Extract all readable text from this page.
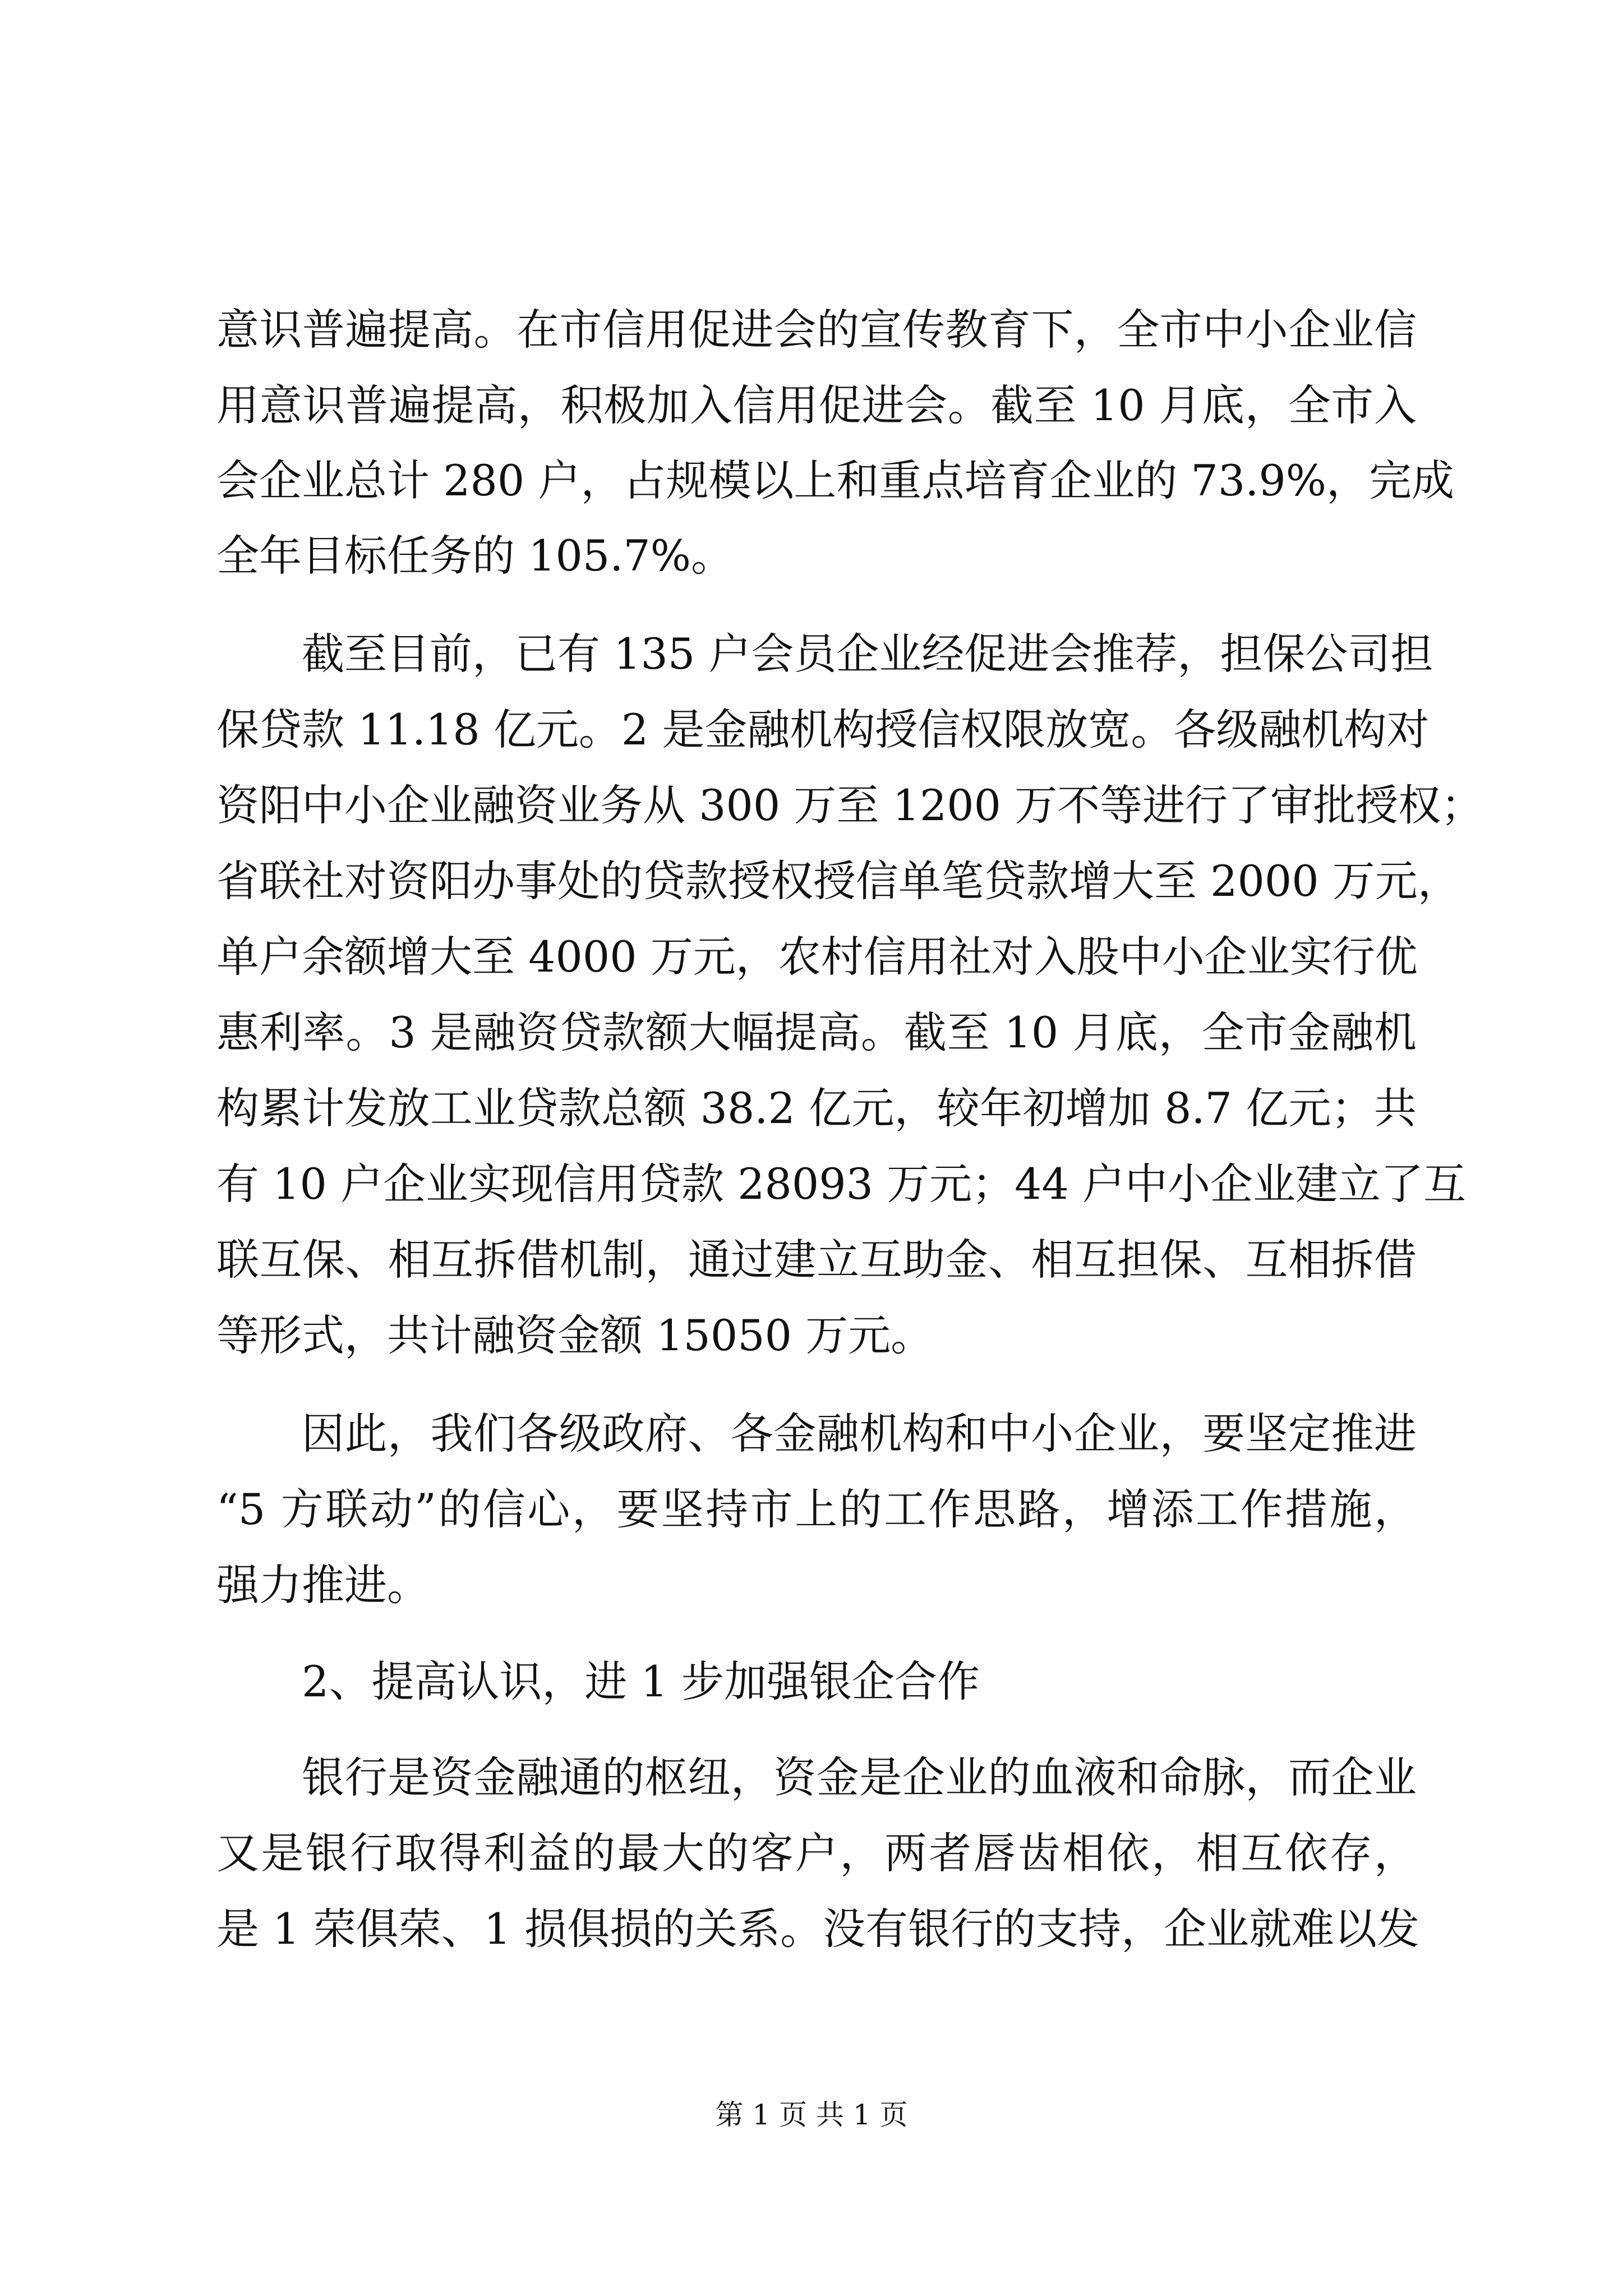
意识普遍提高。在市信用促进会的宣传教育下，全市中小企业信

用意识普遍提高，积极加入信用促进会。截至 10 月底，全市入

会企业总计 280 户，占规模以上和重点培育企业的 73.9%，完成

全年目标任务的 105.7%。

截至目前，已有 135 户会员企业经促进会推荐，担保公司担

保贷款 11.18 亿元。2 是金融机构授信权限放宽。各级融机构对

资阳中小企业融资业务从 300 万至 1200 万不等进行了审批授权；

省联社对资阳办事处的贷款授权授信单笔贷款增大至 2000 万元，

单户余额增大至 4000 万元，农村信用社对入股中小企业实行优

惠利率。3 是融资贷款额大幅提高。截至 10 月底，全市金融机

构累计发放工业贷款总额 38.2 亿元，较年初增加 8.7 亿元；共

有 10 户企业实现信用贷款 28093 万元；44 户中小企业建立了互

联互保、相互拆借机制，通过建立互助金、相互担保、互相拆借

等形式，共计融资金额 15050 万元。

因此，我们各级政府、各金融机构和中小企业，要坚定推进

“5 方联动”的信心，要坚持市上的工作思路，增添工作措施，

强力推进。

2、提高认识，进 1 步加强银企合作

银行是资金融通的枢纽，资金是企业的血液和命脉，而企业

又是银行取得利益的最大的客户，两者唇齿相依，相互依存，

是 1 荣俱荣、1 损俱损的关系。没有银行的支持，企业就难以发

第 1 页 共 1 页
